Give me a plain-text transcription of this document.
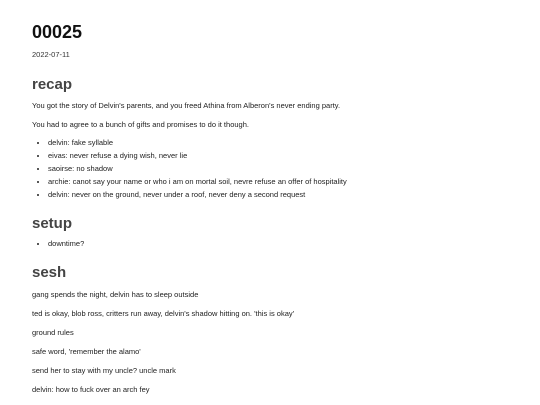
00025
2022-07-11
recap

You got the story of Delvin's parents, and you freed Athina from Alberon's never ending party.

You had to agree to a bunch of gifts and promises to do it though.

• delvin: fake syllable
• eivas: never refuse a dying wish, never lie
• saoirse: no shadow
• archie: canot say your name or who i am on mortal soil, nevre refuse an offer of hospitality
• delvin: never on the ground, never under a roof, never deny a second request
setup
• downtime?
sesh

gang spends the night, delvin has to sleep outside

ted is okay, blob ross, critters run away, delvin's shadow hitting on. 'this is okay'

ground rules

safe word, 'remember the alamo'

send her to stay with my uncle? uncle mark

delvin: how to fuck over an arch fey
